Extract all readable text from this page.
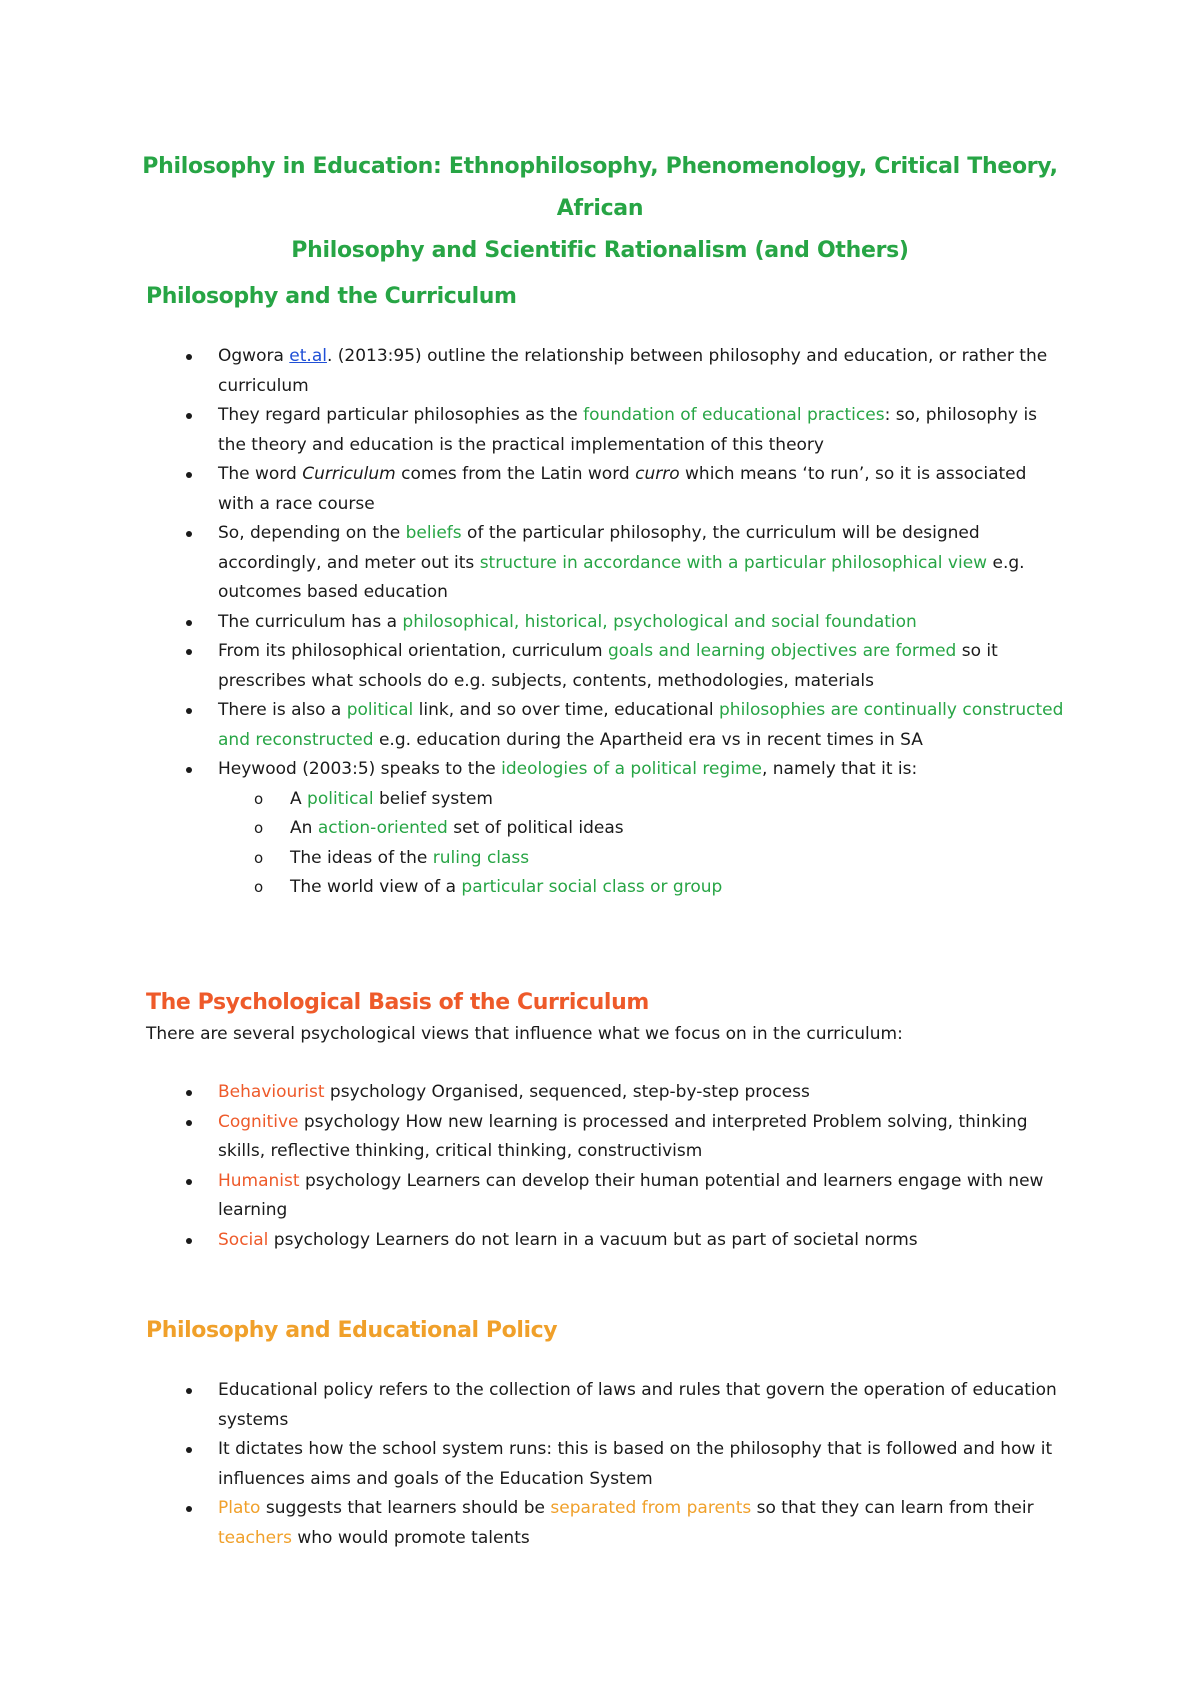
Philosophy in Education: Ethnophilosophy, Phenomenology, Critical Theory, African
Philosophy and Scientific Rationalism (and Others)
Philosophy and the Curriculum
Ogwora et.al. (2013:95) outline the relationship between philosophy and education, or rather the curriculum
They regard particular philosophies as the foundation of educational practices: so, philosophy is the theory and education is the practical implementation of this theory
The word Curriculum comes from the Latin word curro which means ‘to run’, so it is associated with a race course
So, depending on the beliefs of the particular philosophy, the curriculum will be designed accordingly, and meter out its structure in accordance with a particular philosophical view e.g. outcomes based education
The curriculum has a philosophical, historical, psychological and social foundation
From its philosophical orientation, curriculum goals and learning objectives are formed so it prescribes what schools do e.g. subjects, contents, methodologies, materials
There is also a political link, and so over time, educational philosophies are continually constructed and reconstructed e.g. education during the Apartheid era vs in recent times in SA
Heywood (2003:5) speaks to the ideologies of a political regime, namely that it is:
o A political belief system
o An action-oriented set of political ideas
o The ideas of the ruling class
o The world view of a particular social class or group
The Psychological Basis of the Curriculum

There are several psychological views that influence what we focus on in the curriculum:

Behaviourist psychology Organised, sequenced, step-by-step process
Cognitive psychology How new learning is processed and interpreted Problem solving, thinking skills, reflective thinking, critical thinking, constructivism
Humanist psychology Learners can develop their human potential and learners engage with new learning
Social psychology Learners do not learn in a vacuum but as part of societal norms
Philosophy and Educational Policy
Educational policy refers to the collection of laws and rules that govern the operation of education systems
It dictates how the school system runs: this is based on the philosophy that is followed and how it influences aims and goals of the Education System
Plato suggests that learners should be separated from parents so that they can learn from their teachers who would promote talents
